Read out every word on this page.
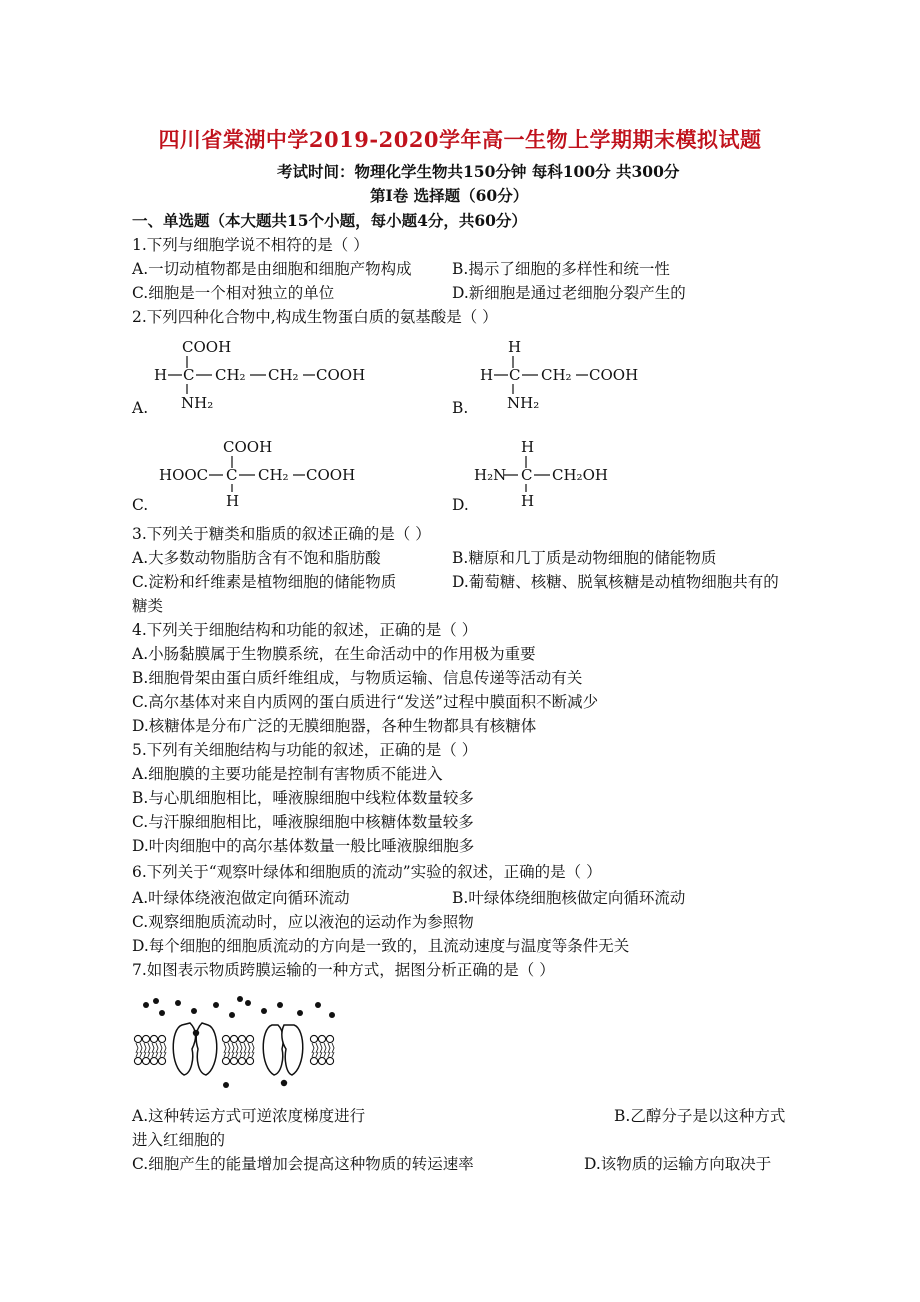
四川省棠湖中学2019-2020学年高一生物上学期期末模拟试题
考试时间：物理化学生物共150分钟 每科100分 共300分
第Ⅰ卷 选择题（60分）
一、单选题（本大题共15个小题，每小题4分，共60分）
1.下列与细胞学说不相符的是（ ）
A.一切动植物都是由细胞和细胞产物构成	B.揭示了细胞的多样性和统一性
C.细胞是一个相对独立的单位	D.新细胞是通过老细胞分裂产生的
2.下列四种化合物中,构成生物蛋白质的氨基酸是（ ）
COOH
H C CH₂ CH₂ COOH
NH₂
A.
H
H C CH₂ COOH
NH₂
B.
COOH
HOOC C CH₂ COOH
H
C.
H
H₂N C CH₂OH
H
D.
3.下列关于糖类和脂质的叙述正确的是（ ）
A.大多数动物脂肪含有不饱和脂肪酸	B.糖原和几丁质是动物细胞的储能物质
C.淀粉和纤维素是植物细胞的储能物质	D.葡萄糖、核糖、脱氧核糖是动植物细胞共有的
糖类
4.下列关于细胞结构和功能的叙述，正确的是（ ）
A.小肠黏膜属于生物膜系统，在生命活动中的作用极为重要
B.细胞骨架由蛋白质纤维组成，与物质运输、信息传递等活动有关
C.高尔基体对来自内质网的蛋白质进行“发送”过程中膜面积不断减少
D.核糖体是分布广泛的无膜细胞器，各种生物都具有核糖体
5.下列有关细胞结构与功能的叙述，正确的是（ ）
A.细胞膜的主要功能是控制有害物质不能进入
B.与心肌细胞相比，唾液腺细胞中线粒体数量较多
C.与汗腺细胞相比，唾液腺细胞中核糖体数量较多
D.叶肉细胞中的高尔基体数量一般比唾液腺细胞多
6.下列关于“观察叶绿体和细胞质的流动”实验的叙述，正确的是（ ）
A.叶绿体绕液泡做定向循环流动	B.叶绿体绕细胞核做定向循环流动
C.观察细胞质流动时，应以液泡的运动作为参照物
D.每个细胞的细胞质流动的方向是一致的，且流动速度与温度等条件无关
7.如图表示物质跨膜运输的一种方式，据图分析正确的是（ ）
A.这种转运方式可逆浓度梯度进行	B.乙醇分子是以这种方式
进入红细胞的
C.细胞产生的能量增加会提高这种物质的转运速率	D.该物质的运输方向取决于
